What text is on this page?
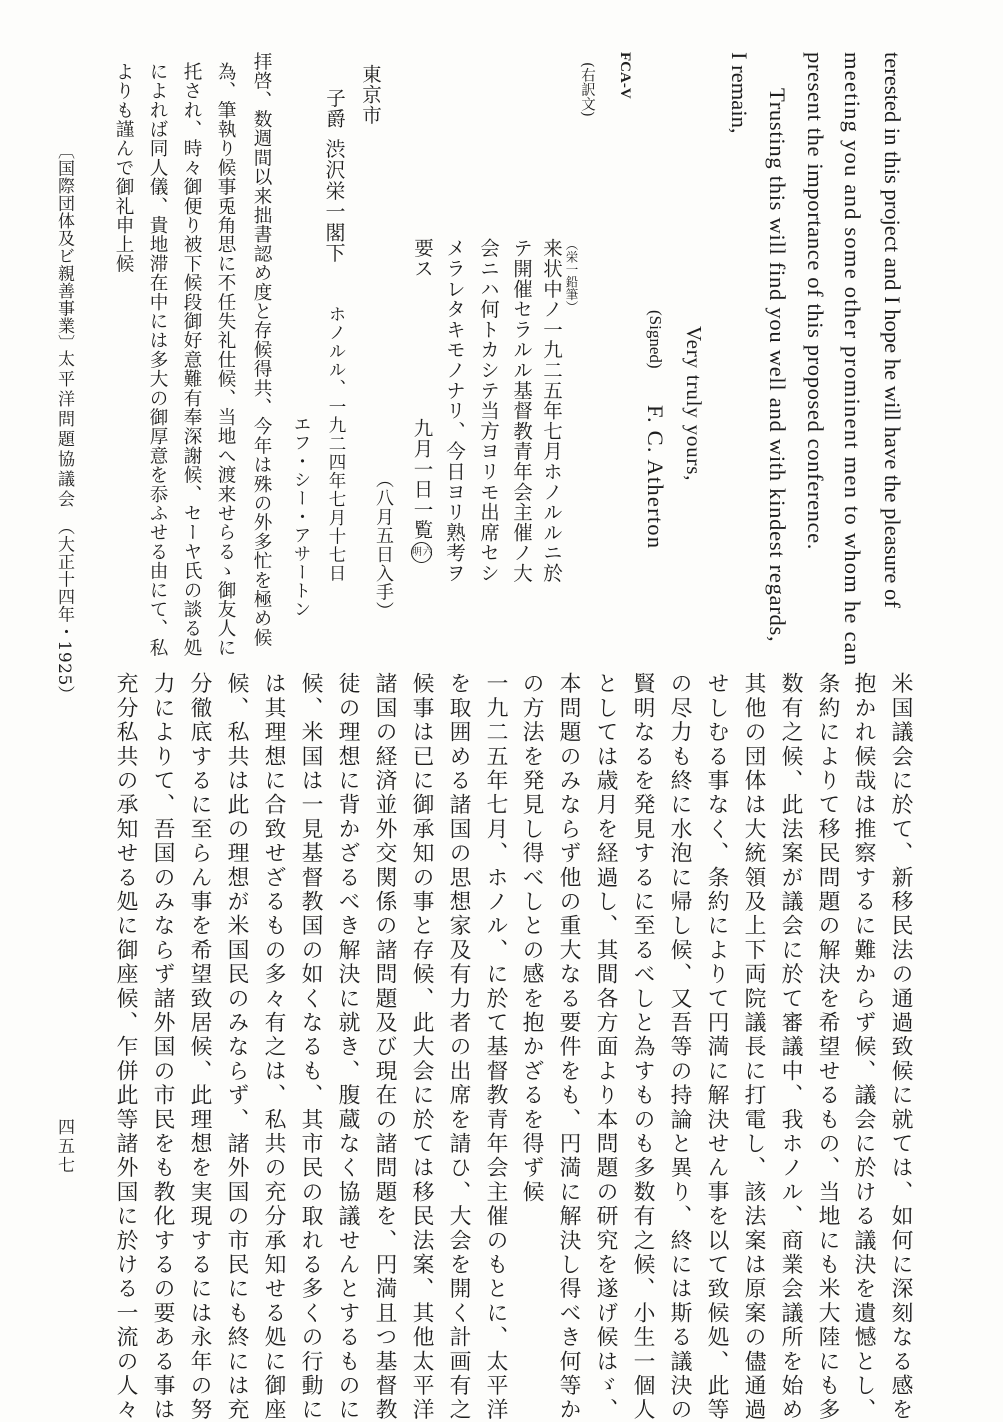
terested in this project and I hope he will have the pleasure of
meeting you and some other prominent men to whom he can
present the importance of this proposed conference.
Trusting this will find you well and with kindest regards,
I remain,
Very truly yours,
(Signed)
F. C. Atherton
FCA-V
(右訳文)
（栄一鉛筆）
来状中ノ一九二五年七月ホノルルニ於
テ開催セラルル基督教青年会主催ノ大
会ニハ何トカシテ当方ヨリモ出席セシ
メラレタキモノナリ、今日ヨリ熟考ヲ
要ス
九月一日一覧明六
（八月五日入手）
ホノルル、一九二四年七月十七日
エフ・シー・アサートン
東京市
子爵渋沢栄一閣下
拝啓、数週間以来拙書認め度と存候得共、今年は殊の外多忙を極め候
為、筆執り候事兎角思に不任失礼仕候、当地へ渡来せらるゝ御友人に
托され、時々御便り被下候段御好意難有奉深謝候、セーヤ氏の談る処
によれば同人儀、貴地滞在中には多大の御厚意を忝ふせる由にて、私
よりも謹んで御礼申上候
〔国際団体及ビ親善事業〕
太平洋問題協議会
（大正十四年・1925）
四五七	米国議会に於て、新移民法の通過致候に就ては、如何に深刻なる感を
抱かれ候哉は推察するに難からず候、議会に於ける議決を遺憾とし、
条約によりて移民問題の解決を希望せるもの、当地にも米大陸にも多
数有之候、此法案が議会に於て審議中、我ホノル、商業会議所を始め
其他の団体は大統領及上下両院議長に打電し、該法案は原案の儘通過
せしむる事なく、条約によりて円満に解決せん事を以て致候処、此等
の尽力も終に水泡に帰し候、又吾等の持論と異り、終には斯る議決の
賢明なるを発見するに至るべしと為すものも多数有之候、小生一個人
としては歳月を経過し、其間各方面より本問題の研究を遂げ候はゞ、
本問題のみならず他の重大なる要件をも、円満に解決し得べき何等か
の方法を発見し得べしとの感を抱かざるを得ず候
一九二五年七月、ホノル、に於て基督教青年会主催のもとに、太平洋
を取囲める諸国の思想家及有力者の出席を請ひ、大会を開く計画有之
候事は已に御承知の事と存候、此大会に於ては移民法案、其他太平洋
諸国の経済並外交関係の諸問題及び現在の諸問題を、円満且つ基督教
徒の理想に背かざるべき解決に就き、腹蔵なく協議せんとするものに
候、米国は一見基督教国の如くなるも、其市民の取れる多くの行動に
は其理想に合致せざるもの多々有之は、私共の充分承知せる処に御座
候、私共は此の理想が米国民のみならず、諸外国の市民にも終には充
分徹底するに至らん事を希望致居候、此理想を実現するには永年の努
力によりて、吾国のみならず諸外国の市民をも教化するの要ある事は
充分私共の承知せる処に御座候、乍併此等諸外国に於ける一流の人々
